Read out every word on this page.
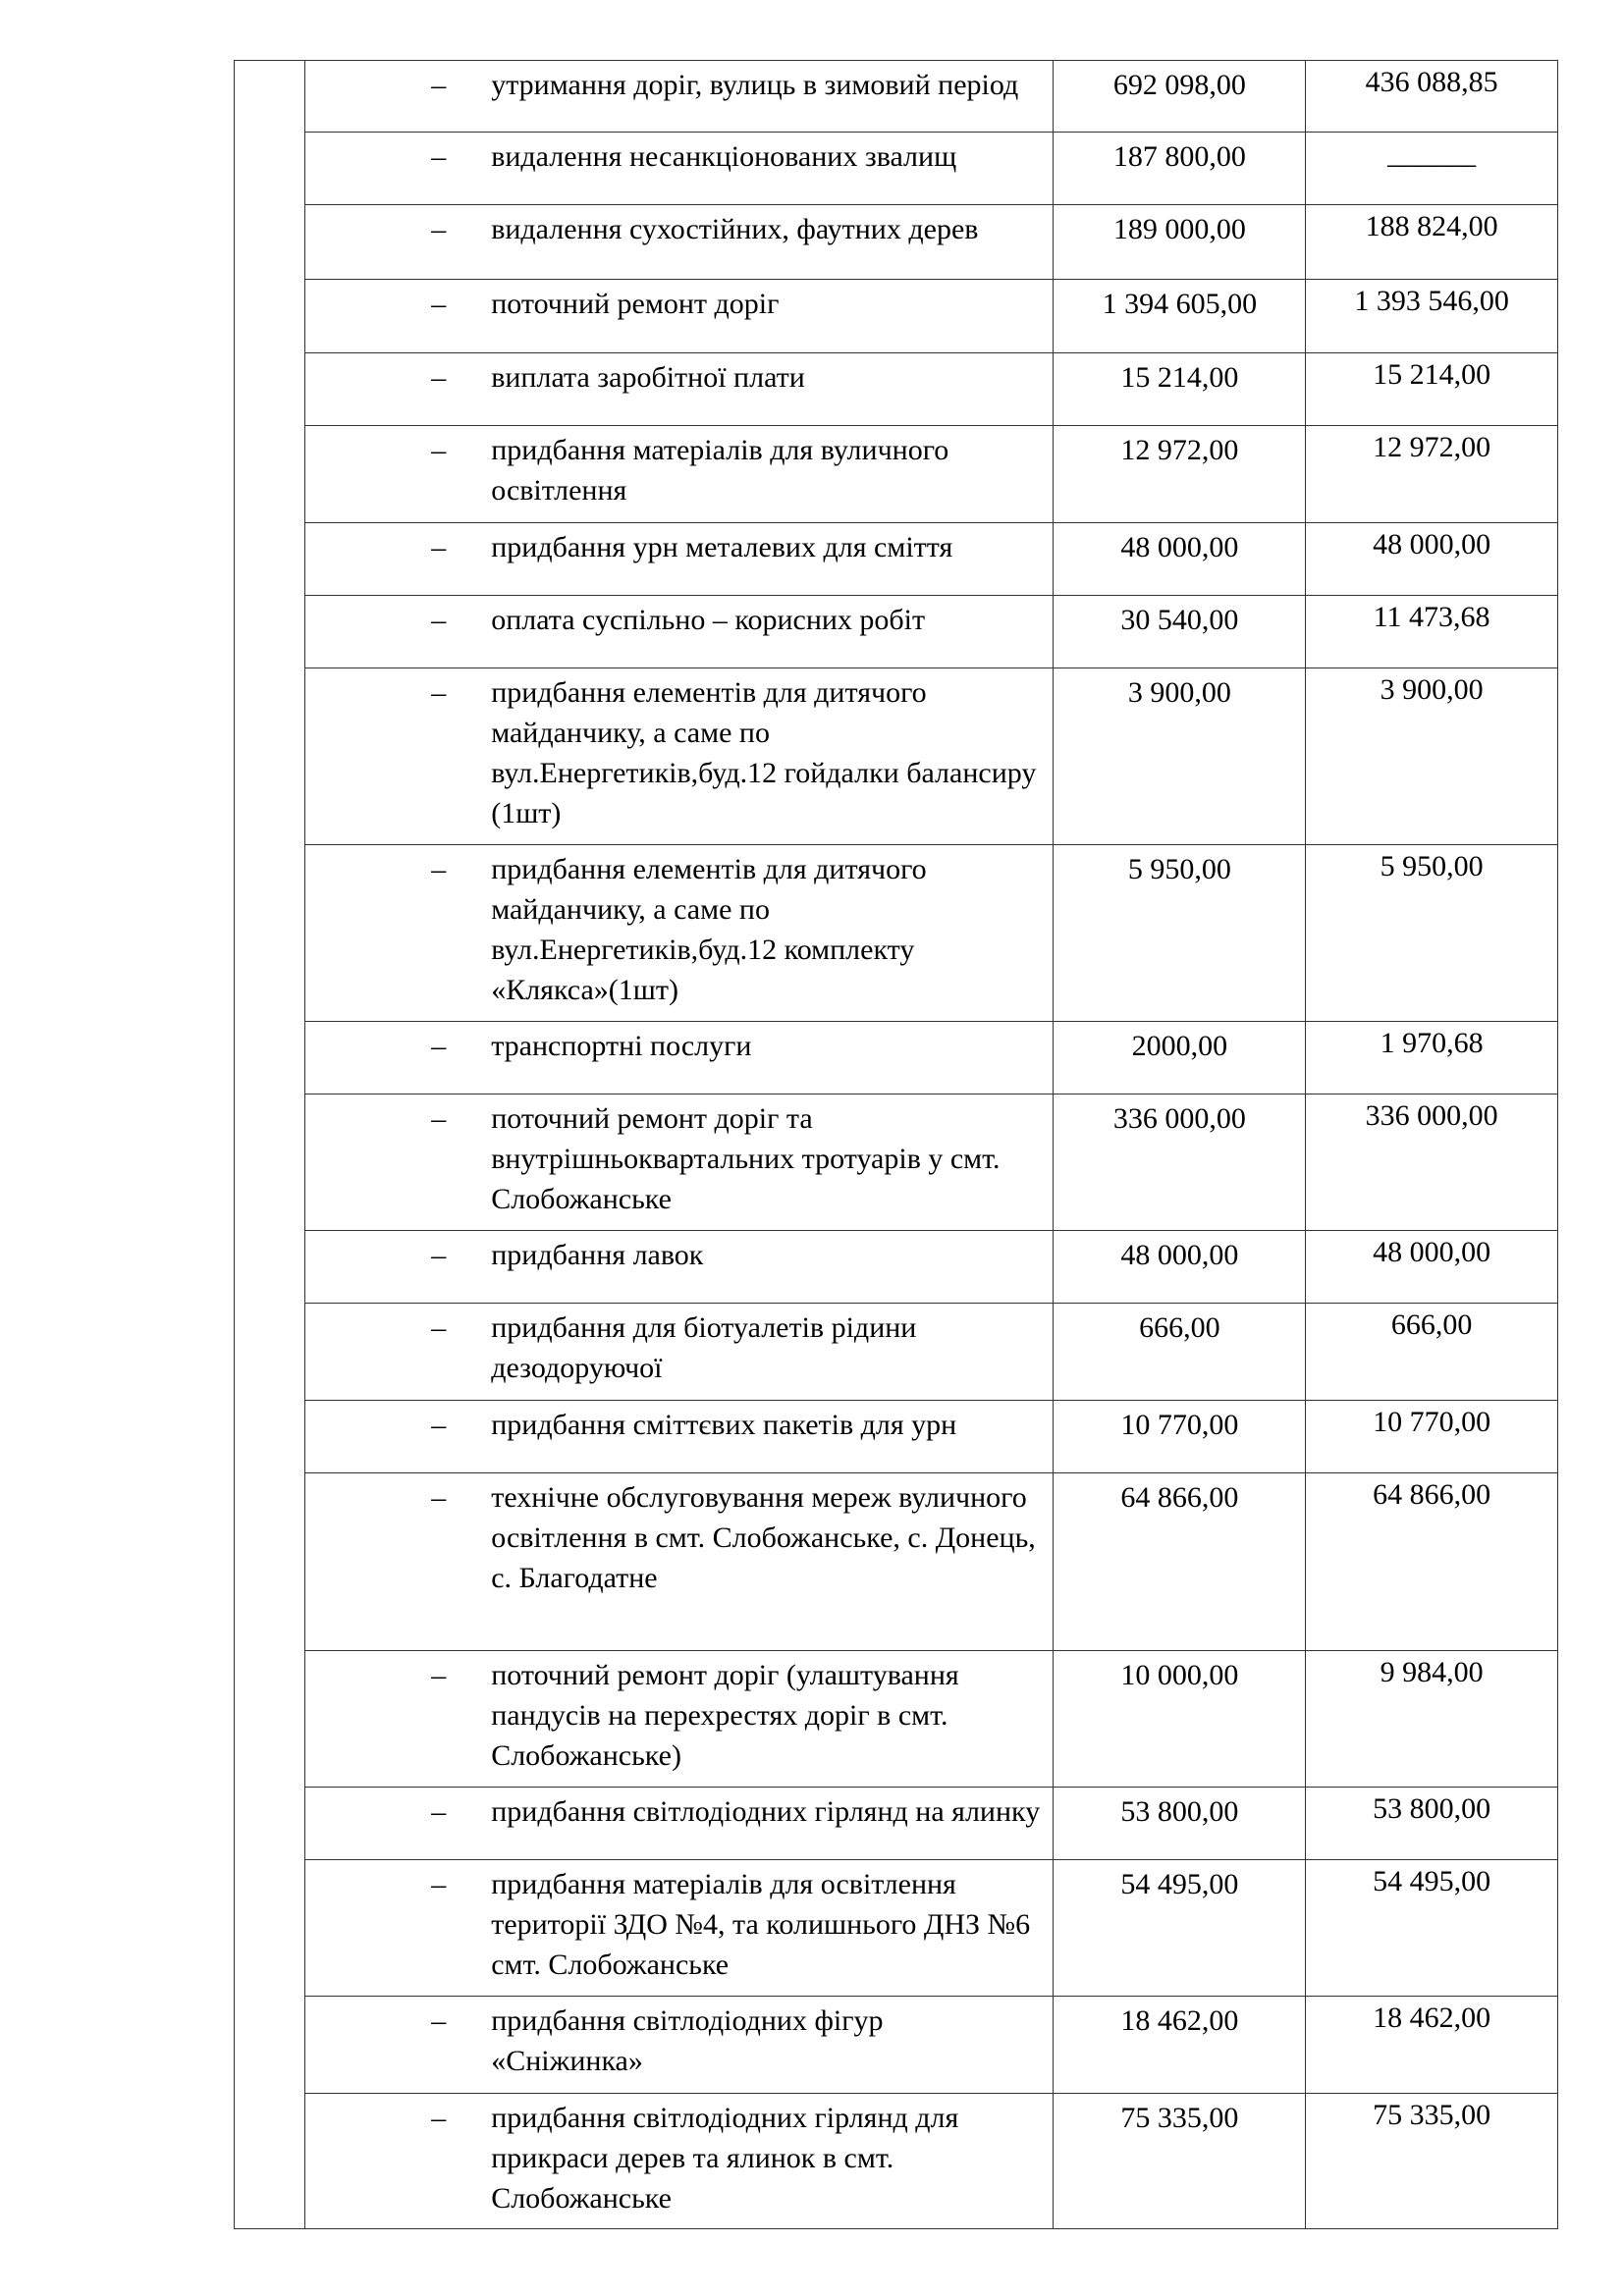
	– утримання доріг, вулиць в зимовий період	692 098,00	436 088,85

	– видалення несанкціонованих звалищ	187 800,00	______

	– видалення сухостійних, фаутних дерев	189 000,00	188 824,00

	– поточний ремонт доріг	1 394 605,00	1 393 546,00

	– виплата заробітної плати	15 214,00	15 214,00

	– придбання матеріалів для вуличного освітлення	12 972,00	12 972,00

	– придбання урн металевих для сміття	48 000,00	48 000,00

	– оплата суспільно – корисних робіт	30 540,00	11 473,68

	– придбання елементів для дитячого майданчику, а саме по вул.Енергетиків,буд.12 гойдалки балансиру (1шт)	3 900,00	3 900,00

	– придбання елементів для дитячого майданчику, а саме по вул.Енергетиків,буд.12 комплекту «Клякса»(1шт)	5 950,00	5 950,00

	– транспортні послуги	2000,00	1 970,68

	– поточний ремонт доріг та внутрішньоквартальних тротуарів у смт. Слобожанське	336 000,00	336 000,00

	– придбання лавок	48 000,00	48 000,00

	– придбання для біотуалетів рідини дезодоруючої	666,00	666,00

	– придбання сміттєвих пакетів для урн	10 770,00	10 770,00

	– технічне обслуговування мереж вуличного освітлення в смт. Слобожанське, с. Донець, с. Благодатне	64 866,00	64 866,00

	– поточний ремонт доріг (улаштування пандусів на перехрестях доріг в смт. Слобожанське)	10 000,00	9 984,00

	– придбання світлодіодних гірлянд на ялинку	53 800,00	53 800,00

	– придбання матеріалів для освітлення території ЗДО №4, та колишнього ДНЗ №6 смт. Слобожанське	54 495,00	54 495,00

	– придбання світлодіодних фігур «Сніжинка»	18 462,00	18 462,00

	– придбання світлодіодних гірлянд для прикраси дерев та ялинок в смт. Слобожанське	75 335,00	75 335,00
